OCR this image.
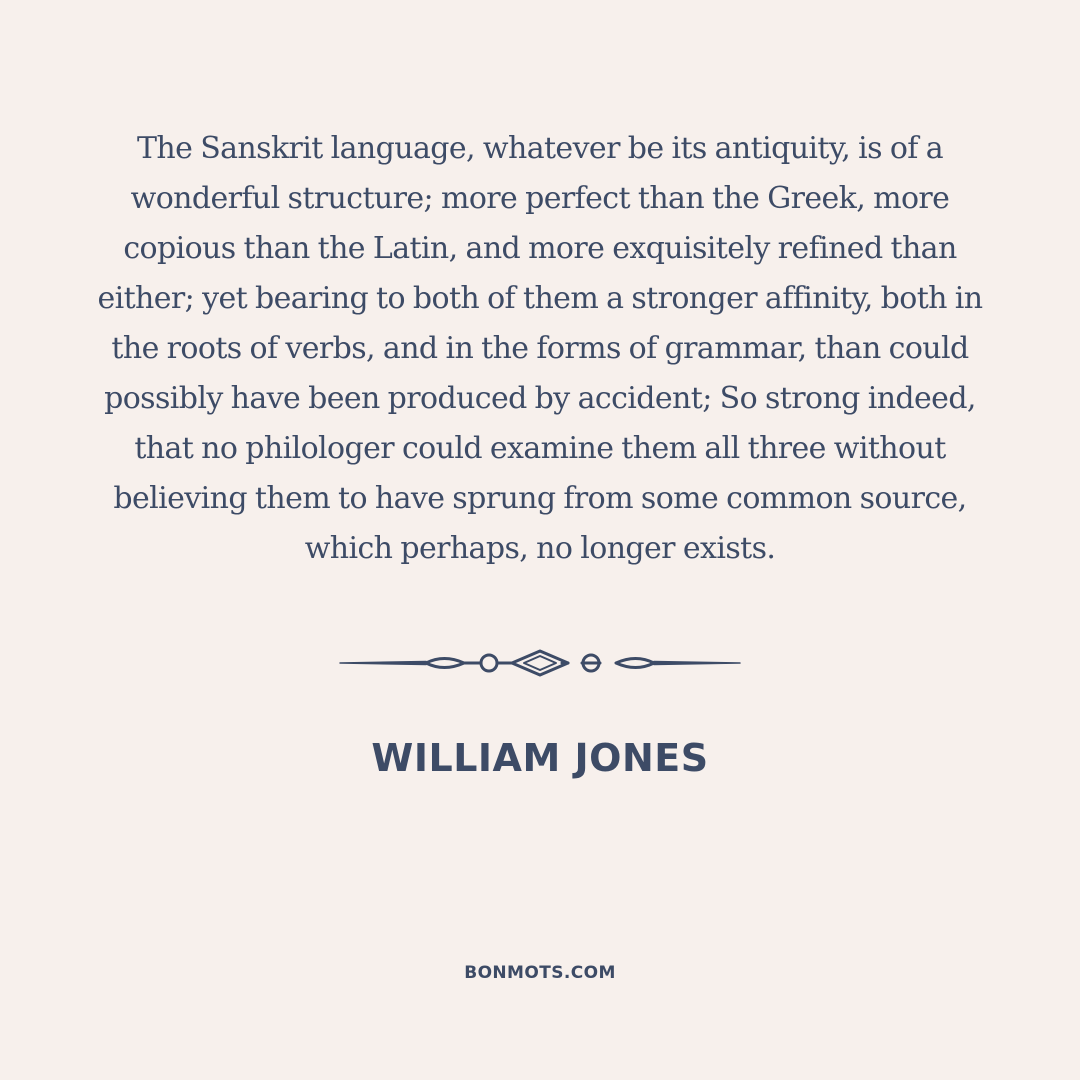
The Sanskrit language, whatever be its antiquity, is of a wonderful structure; more perfect than the Greek, more copious than the Latin, and more exquisitely refined than either; yet bearing to both of them a stronger affinity, both in the roots of verbs, and in the forms of grammar, than could possibly have been produced by accident; So strong indeed, that no philologer could examine them all three without believing them to have sprung from some common source, which perhaps, no longer exists.

WILLIAM JONES
BONMOTS.COM
